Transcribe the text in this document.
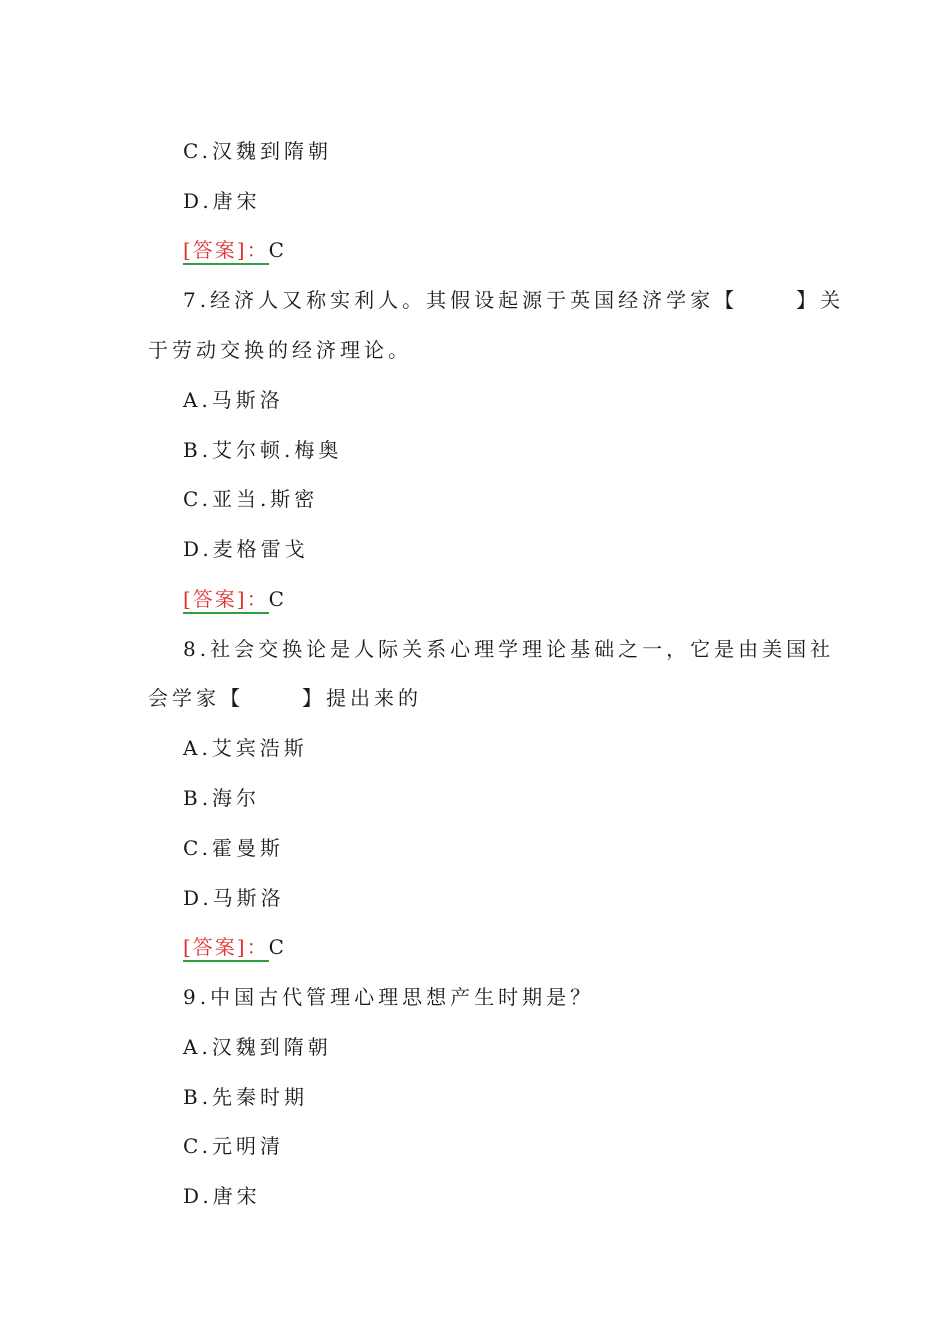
C.汉魏到隋朝
D.唐宋
[答案]：C
7.经济人又称实利人。其假设起源于英国经济学家【	】关
于劳动交换的经济理论。
A.马斯洛
B.艾尔顿.梅奥
C.亚当.斯密
D.麦格雷戈
[答案]：C
8.社会交换论是人际关系心理学理论基础之一，它是由美国社
会学家【	】提出来的
A.艾宾浩斯
B.海尔
C.霍曼斯
D.马斯洛
[答案]：C
9.中国古代管理心理思想产生时期是？
A.汉魏到隋朝
B.先秦时期
C.元明清
D.唐宋
